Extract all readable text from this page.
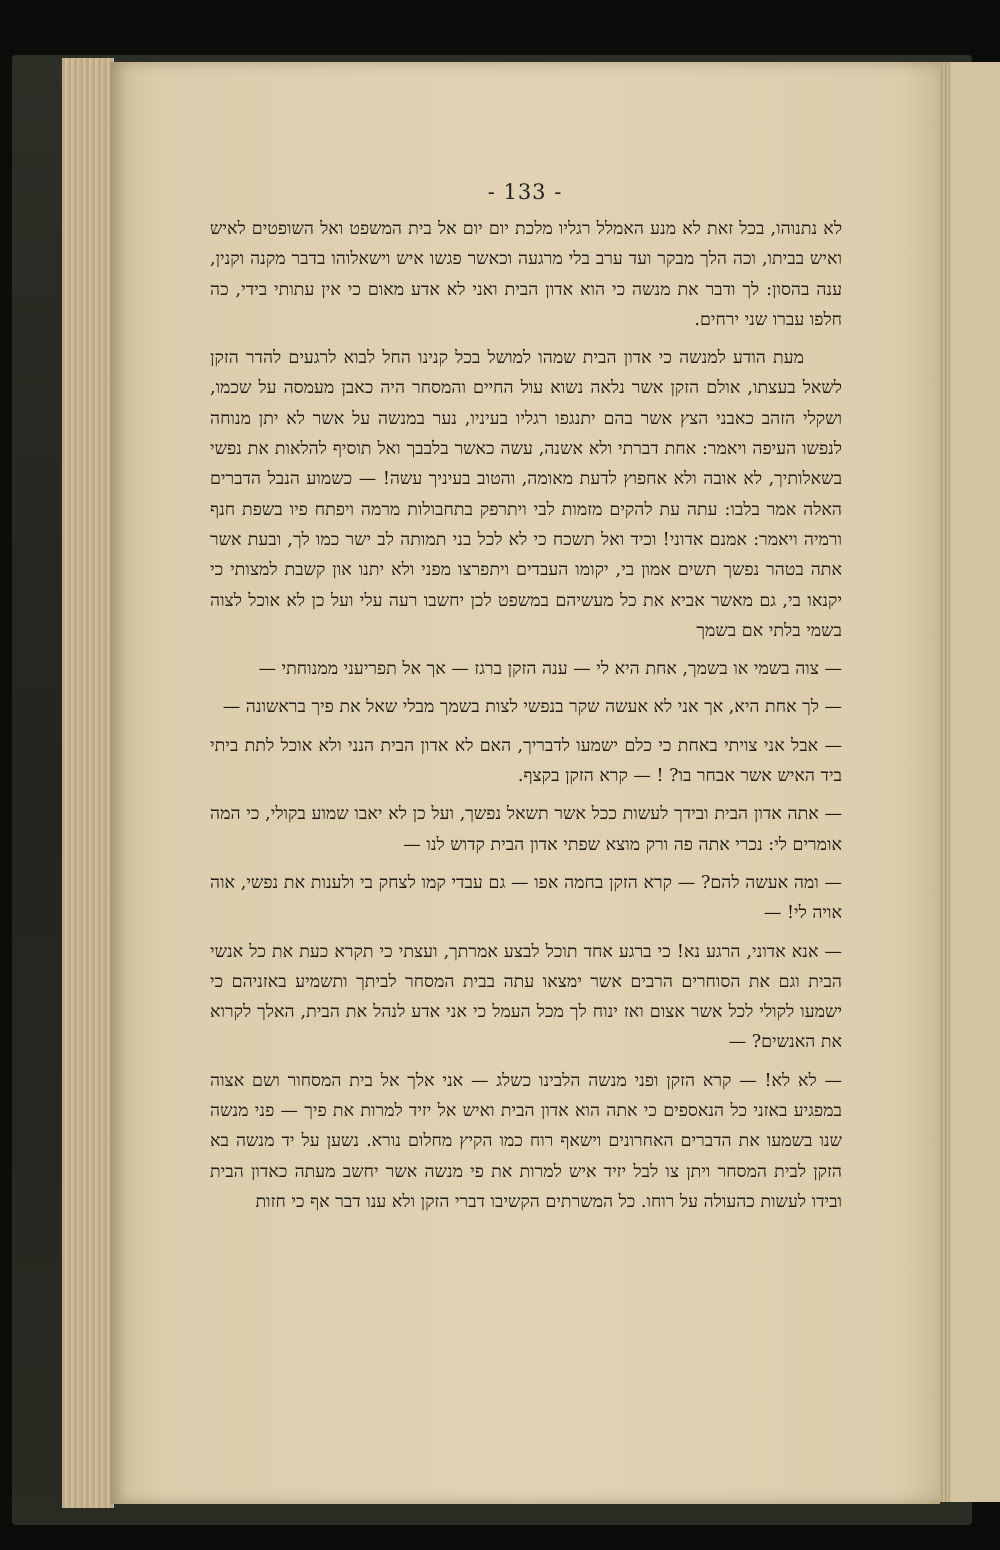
- 133 -

לא נתנוהו, בכל זאת לא מנע האמלל רגליו מלכת יום יום אל בית המשפט ואל השופטים לאיש ואיש בביתו, וכה הלך מבקר ועד ערב בלי מרגעה וכאשר פגשו איש וישאלוהו בדבר מקנה וקנין, ענה בהסון: לך ודבר את מנשה כי הוא אדון הבית ואני לא אדע מאום כי אין עתותי בידי, כה חלפו עברו שני ירחים.

מעת הודע למנשה כי אדון הבית שמהו למושל בכל קנינו החל לבוא לרגעים להדר הזקן לשאל בעצתו, אולם הזקן אשר נלאה נשוא עול החיים והמסחר היה כאבן מעמסה על שכמו, ושקלי הזהב כאבני הצץ אשר בהם יתנגפו רגליו בעיניו, נער במנשה על אשר לא יתן מנוחה לנפשו העיפה ויאמר: אחת דברתי ולא אשנה, עשה כאשר בלבבך ואל תוסיף להלאות את נפשי בשאלותיך, לא אובה ולא אחפוץ לדעת מאומה, והטוב בעיניך עשה! — כשמוע הנבל הדברים האלה אמר בלבו: עתה עת להקים מזמות לבי ויתרפק בתחבולות מרמה ויפתח פיו בשפת חנף ורמיה ויאמר: אמנם אדוני! וכיד ואל תשכח כי לא לכל בני תמותה לב ישר כמו לך, ובעת אשר אתה בטהר נפשך תשים אמון בי, יקומו העבדים ויתפרצו מפני ולא יתנו און קשבת למצותי כי יקנאו בי, גם מאשר אביא את כל מעשיהם במשפט לכן יחשבו רעה עלי ועל כן לא אוכל לצוה בשמי בלתי אם בשמך

— צוה בשמי או בשמך, אחת היא לי — ענה הזקן ברגז — אך אל תפריעני ממנוחתי —

— לך אחת היא, אך אני לא אעשה שקר בנפשי לצות בשמך מבלי שאל את פיך בראשונה —

— אבל אני צויתי באחת כי כלם ישמעו לדבריך, האם לא אדון הבית הנני ולא אוכל לתת ביתי ביד האיש אשר אבחר בו? ! — קרא הזקן בקצף.

— אתה אדון הבית ובידך לעשות ככל אשר תשאל נפשך, ועל כן לא יאבו שמוע בקולי, כי המה אומרים לי: נכרי אתה פה ורק מוצא שפתי אדון הבית קדוש לנו —

— ומה אעשה להם? — קרא הזקן בחמה אפו — גם עבדי קמו לצחק בי ולענות את נפשי, אוה אויה לי! —

— אנא אדוני, הרגע נא! כי ברגע אחד תוכל לבצע אמרתך, ועצתי כי תקרא כעת את כל אנשי הבית וגם את הסוחרים הרבים אשר ימצאו עתה בבית המסחר לביתך ותשמיע באזניהם כי ישמעו לקולי לכל אשר אצום ואז ינוח לך מכל העמל כי אני אדע לנהל את הבית, האלך לקרוא את האנשים? —

— לא לא! — קרא הזקן ופני מנשה הלבינו כשלג — אני אלך אל בית המסחור ושם אצוה במפגיע באזני כל הנאספים כי אתה הוא אדון הבית ואיש אל יזיד למרות את פיך — פני מנשה שנו בשמעו את הדברים האחרונים וישאף רוח כמו הקיץ מחלום נורא. נשען על יד מנשה בא הזקן לבית המסחר ויתן צו לבל יזיד איש למרות את פי מנשה אשר יחשב מעתה כאדון הבית ובידו לעשות כהעולה על רוחו. כל המשרתים הקשיבו דברי הזקן ולא ענו דבר אף כי חזות
